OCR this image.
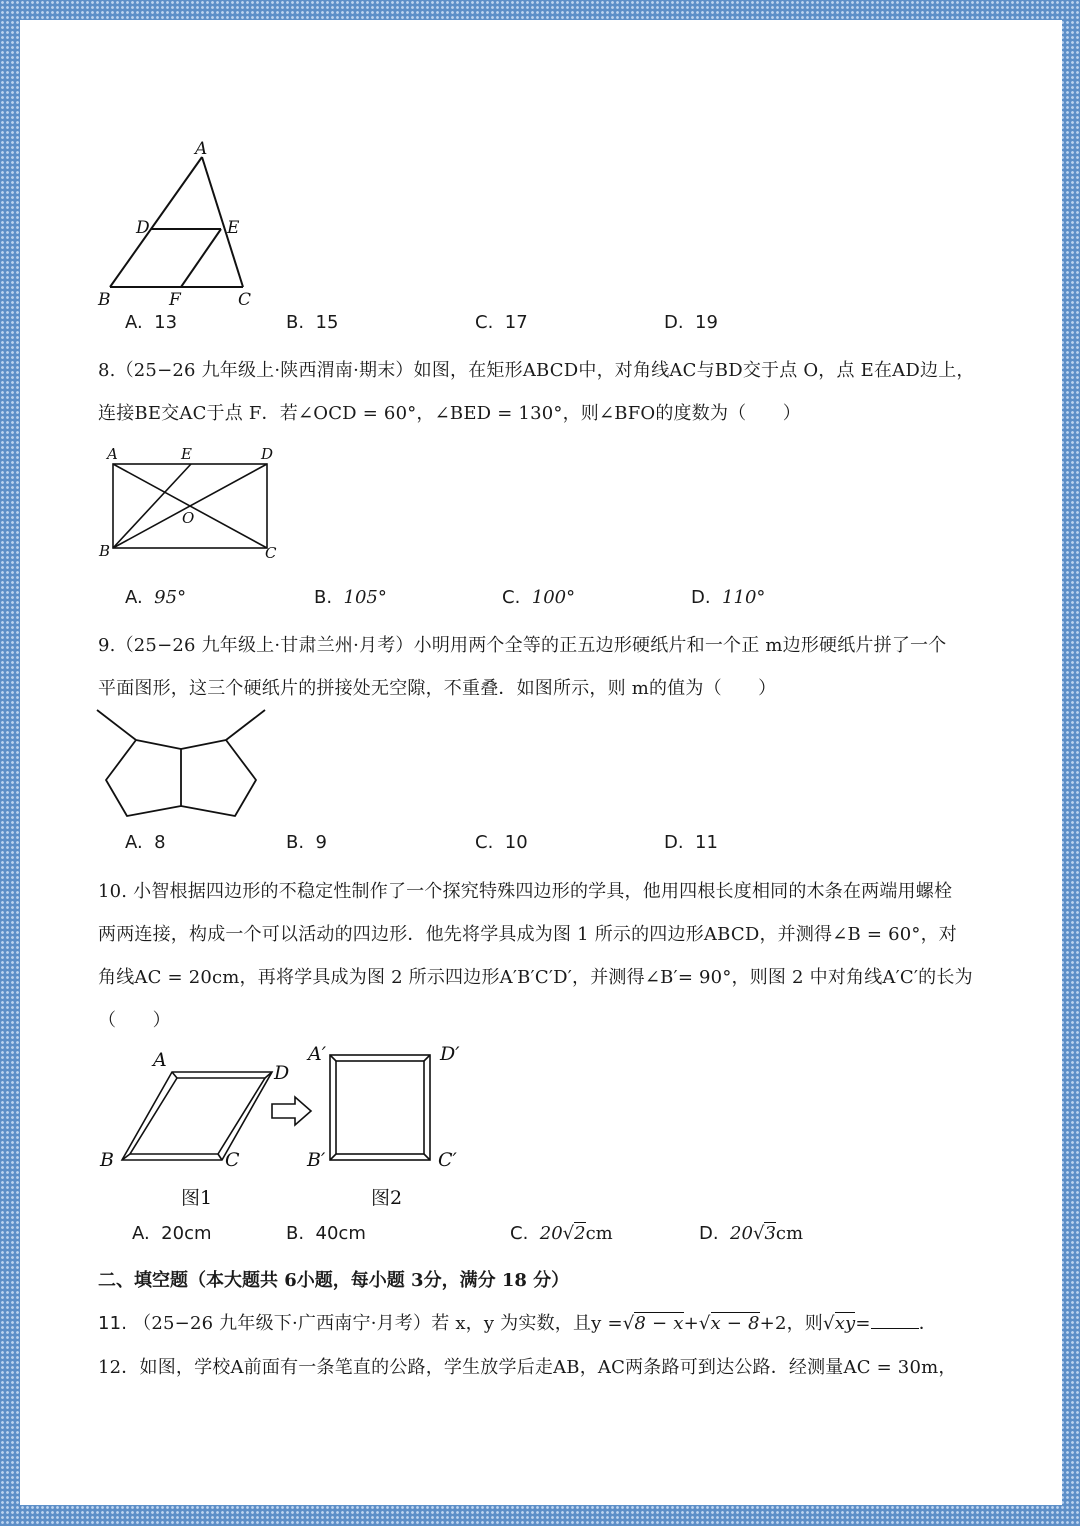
A
D	E
B	F	C
A. 13	B. 15	C. 17	D. 19
8.（25−26 九年级上·陕西渭南·期末）如图，在矩形ABCD中，对角线AC与BD交于点 O，点 E在AD边上，
连接BE交AC于点 F．若∠OCD = 60°，∠BED = 130°，则∠BFO的度数为（　　）
A	E	D
O
B	C
A. 95°	B. 105°	C. 100°	D. 110°
9.（25−26 九年级上·甘肃兰州·月考）小明用两个全等的正五边形硬纸片和一个正 m边形硬纸片拼了一个
平面图形，这三个硬纸片的拼接处无空隙，不重叠．如图所示，则 m的值为（　　）
A. 8	B. 9	C. 10	D. 11
10. 小智根据四边形的不稳定性制作了一个探究特殊四边形的学具，他用四根长度相同的木条在两端用螺栓
两两连接，构成一个可以活动的四边形．他先将学具成为图 1 所示的四边形ABCD，并测得∠B = 60°，对
角线AC = 20cm，再将学具成为图 2 所示四边形A′B′C′D′，并测得∠B′= 90°，则图 2 中对角线A′C′的长为
（　　）
A
D
B	C
A′	D′
B′	C′
图1	图2
A. 20cm	B. 40cm	C. 20√2cm	D. 20√3cm
二、填空题（本大题共 6小题，每小题 3分，满分 18 分）
11. （25−26 九年级下·广西南宁·月考）若 x，y 为实数，且y =√8 − x+√x − 8+2，则√xy=	．
12．如图，学校A前面有一条笔直的公路，学生放学后走AB，AC两条路可到达公路．经测量AC = 30m，
